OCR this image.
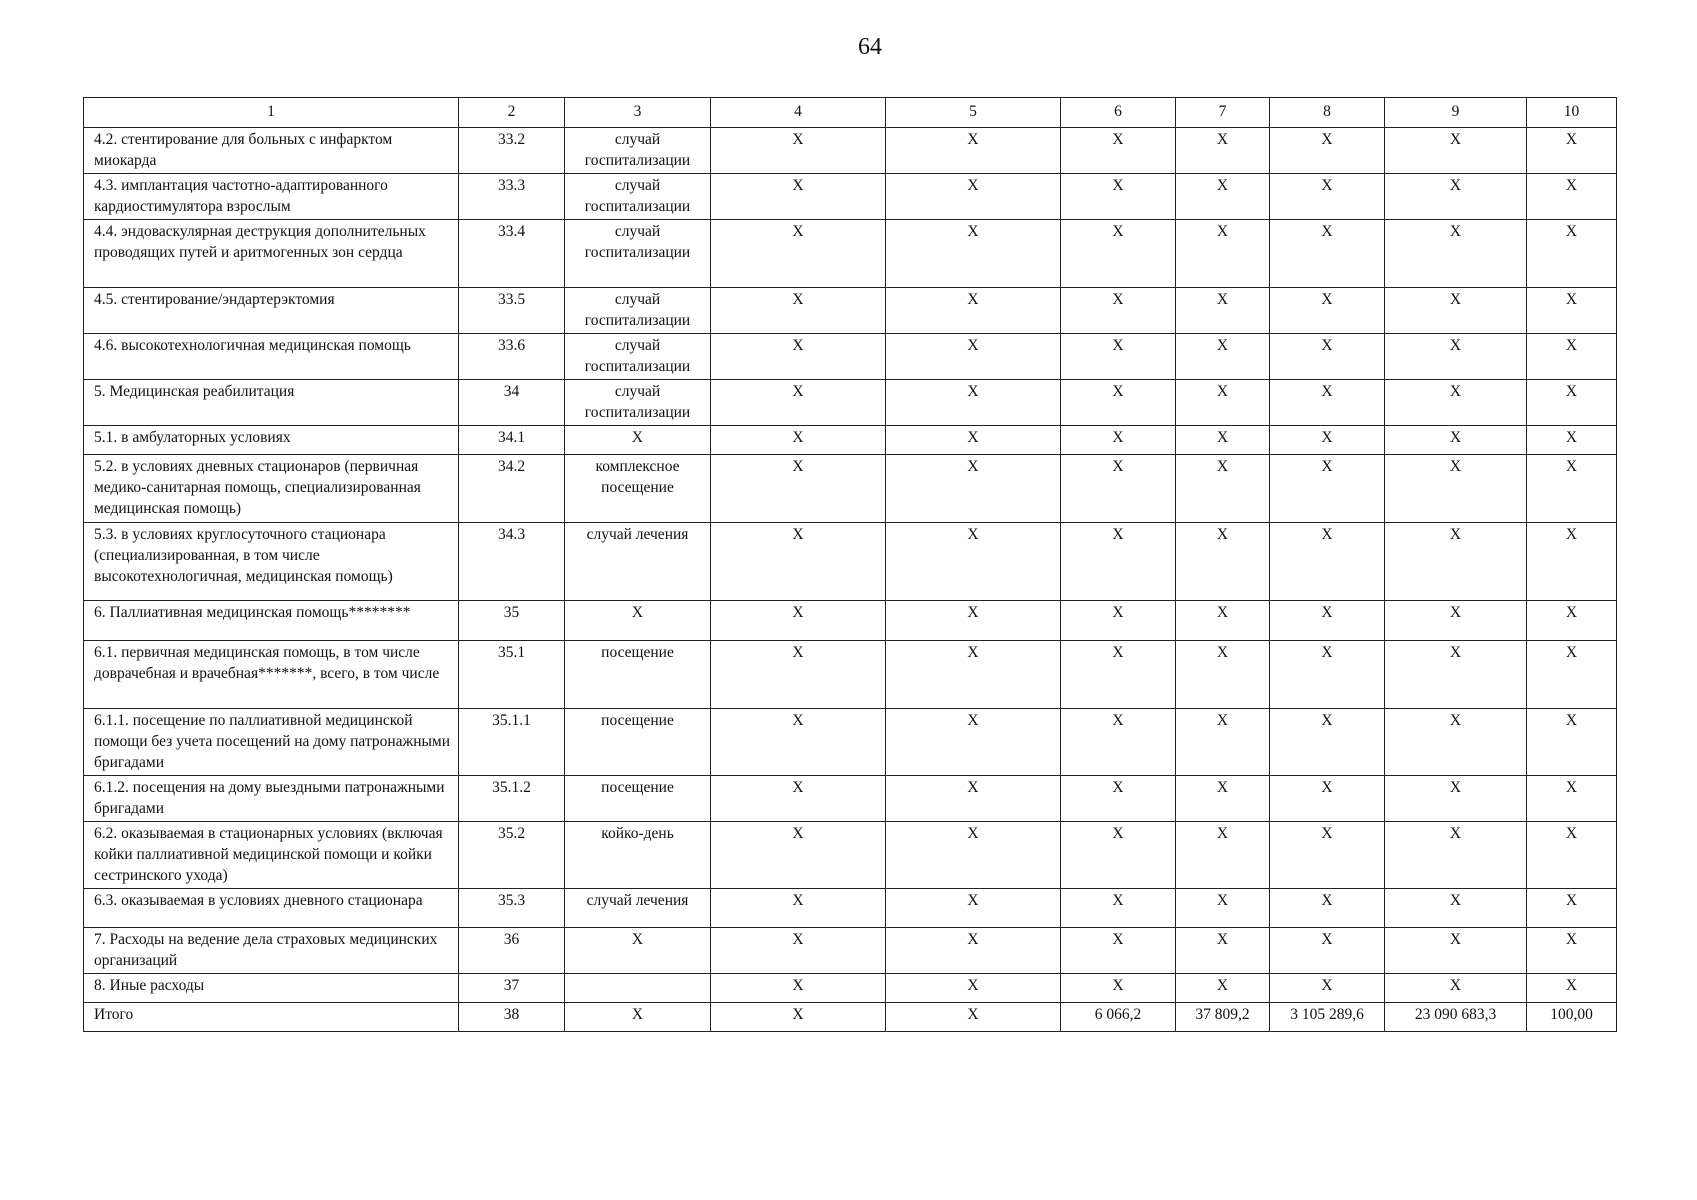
64
1	2	3	4	5	6	7	8	9	10
4.2. стентирование для больных с инфарктом миокарда	33.2	случай госпитализации	X	X	X	X	X	X	X
4.3. имплантация частотно-адаптированного кардиостимулятора взрослым	33.3	случай госпитализации	X	X	X	X	X	X	X
4.4. эндоваскулярная деструкция дополнительных проводящих путей и аритмогенных зон сердца	33.4	случай госпитализации	X	X	X	X	X	X	X
4.5. стентирование/эндартерэктомия	33.5	случай госпитализации	X	X	X	X	X	X	X
4.6. высокотехнологичная медицинская помощь	33.6	случай госпитализации	X	X	X	X	X	X	X
5. Медицинская реабилитация	34	случай госпитализации	X	X	X	X	X	X	X
5.1. в амбулаторных условиях	34.1	X	X	X	X	X	X	X	X
5.2. в условиях дневных стационаров (первичная медико-санитарная помощь, специализированная медицинская помощь)	34.2	комплексное посещение	X	X	X	X	X	X	X
5.3. в условиях круглосуточного стационара (специализированная, в том числе высокотехнологичная, медицинская помощь)	34.3	случай лечения	X	X	X	X	X	X	X
6. Паллиативная медицинская помощь********	35	X	X	X	X	X	X	X	X
6.1. первичная медицинская помощь, в том числе доврачебная и врачебная*******, всего, в том числе	35.1	посещение	X	X	X	X	X	X	X
6.1.1. посещение по паллиативной медицинской помощи без учета посещений на дому патронажными бригадами	35.1.1	посещение	X	X	X	X	X	X	X
6.1.2. посещения на дому выездными патронажными бригадами	35.1.2	посещение	X	X	X	X	X	X	X
6.2. оказываемая в стационарных условиях (включая койки паллиативной медицинской помощи и койки сестринского ухода)	35.2	койко-день	X	X	X	X	X	X	X
6.3. оказываемая в условиях дневного стационара	35.3	случай лечения	X	X	X	X	X	X	X
7. Расходы на ведение дела страховых медицинских организаций	36	X	X	X	X	X	X	X	X
8. Иные расходы	37		X	X	X	X	X	X	X
Итого	38	X	X	X	6 066,2	37 809,2	3 105 289,6	23 090 683,3	100,00
